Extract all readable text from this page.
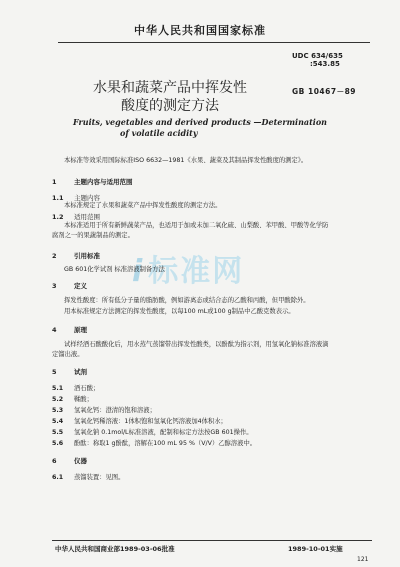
中华人民共和国国家标准
UDC 634/635
:543.85
GB 10467－89
水果和蔬菜产品中挥发性
酸度的测定方法
Fruits, vegetables and derived products —Determination
of volatile acidity
i 标准网
本标准等效采用国际标准ISO 6632—1981《水果、蔬菜及其制品挥发性酸度的测定》。
1	主题内容与适用范围
1.1 主题内容
本标准规定了水果和蔬菜产品中挥发性酸度的测定方法。
1.2 适用范围
本标准适用于所有新鲜蔬菜产品，也适用于加或未加二氧化硫、山梨酸、苯甲酸、甲酸等化学防
腐剂之一的果蔬制品的测定。
2	引用标准
GB 601化学试剂 标准溶液制备方法
3	定义
挥发性酸度：所有低分子量的脂肪酸，例如游离态或结合态的乙酸和丙酸，但甲酸除外。
用本标准规定方法测定的挥发性酸度，以每100 mL或100 g制品中乙酸克数表示。
4	原理
试样经酒石酸酸化后，用水蒸气蒸馏带出挥发性酸类，以酚酞为指示剂，用氢氧化钠标准溶液滴
定馏出液。
5	试剂
5.1 酒石酸；
5.2 鞣酸；
5.3 氢氧化钙：澄清的饱和溶液；
5.4 氢氧化钙稀溶液：1体积饱和氢氧化钙溶液加4体积水；
5.5 氢氧化钠 0.1mol/L标准溶液，配制和标定方法按GB 601操作。
5.6 酚酞：称取1 g酚酞，溶解在100 mL 95 %（V/V）乙醇溶液中。
6	仪器
6.1 蒸馏装置：见图。
中华人民共和国商业部1989-03-06批准	1989-10-01实施
121
